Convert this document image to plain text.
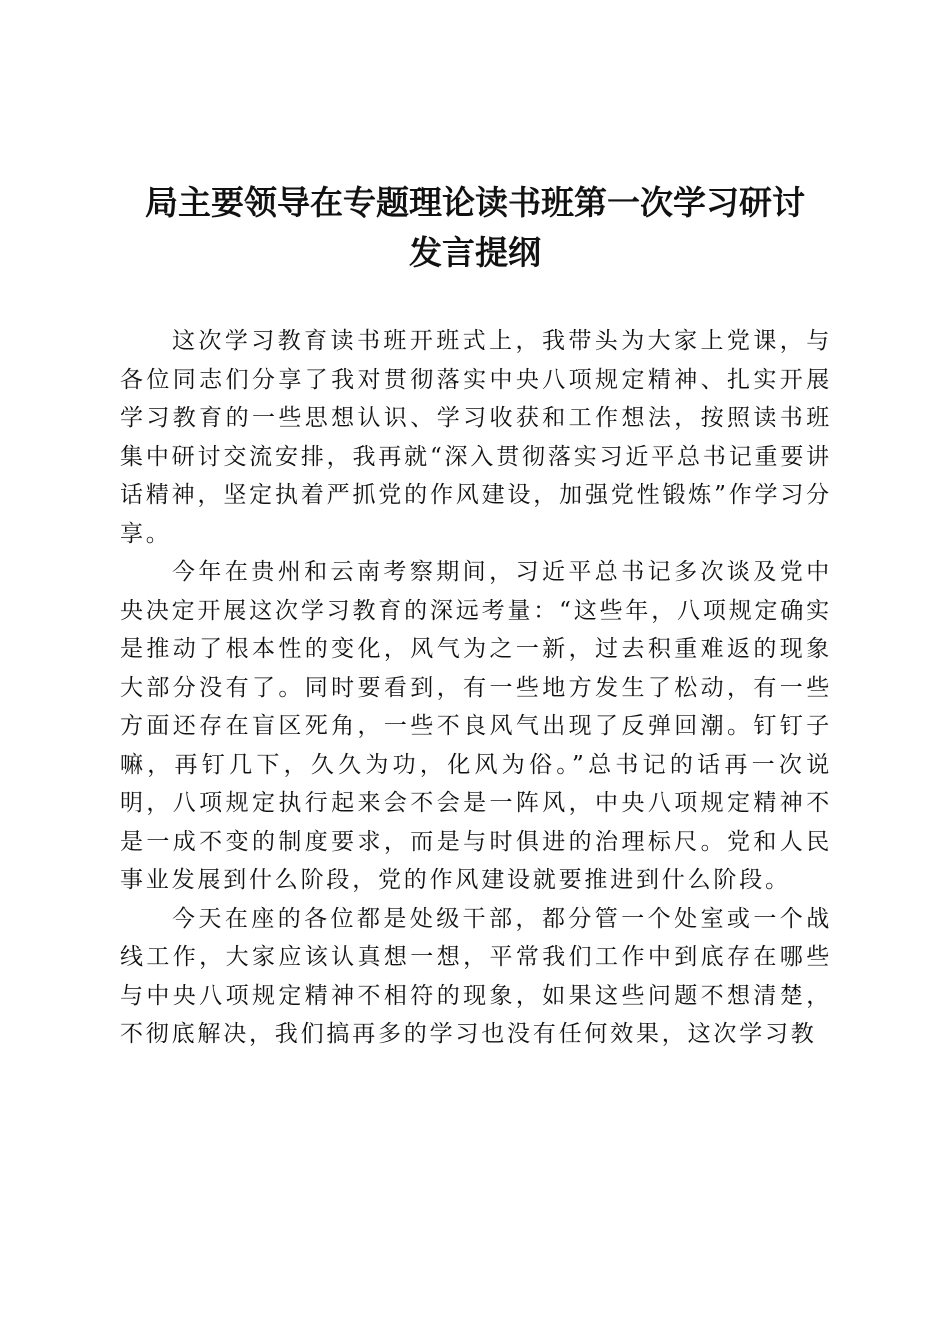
局主要领导在专题理论读书班第一次学习研讨
发言提纲

这次学习教育读书班开班式上，我带头为大家上党课，与各位同志们分享了我对贯彻落实中央八项规定精神、扎实开展学习教育的一些思想认识、学习收获和工作想法，按照读书班集中研讨交流安排，我再就“深入贯彻落实习近平总书记重要讲话精神，坚定执着严抓党的作风建设，加强党性锻炼”作学习分享。

今年在贵州和云南考察期间，习近平总书记多次谈及党中央决定开展这次学习教育的深远考量：“这些年，八项规定确实是推动了根本性的变化，风气为之一新，过去积重难返的现象大部分没有了。同时要看到，有一些地方发生了松动，有一些方面还存在盲区死角，一些不良风气出现了反弹回潮。钉钉子嘛，再钉几下，久久为功，化风为俗。”总书记的话再一次说明，八项规定执行起来会不会是一阵风，中央八项规定精神不是一成不变的制度要求，而是与时俱进的治理标尺。党和人民事业发展到什么阶段，党的作风建设就要推进到什么阶段。

今天在座的各位都是处级干部，都分管一个处室或一个战线工作，大家应该认真想一想，平常我们工作中到底存在哪些与中央八项规定精神不相符的现象，如果这些问题不想清楚，不彻底解决，我们搞再多的学习也没有任何效果，这次学习教
